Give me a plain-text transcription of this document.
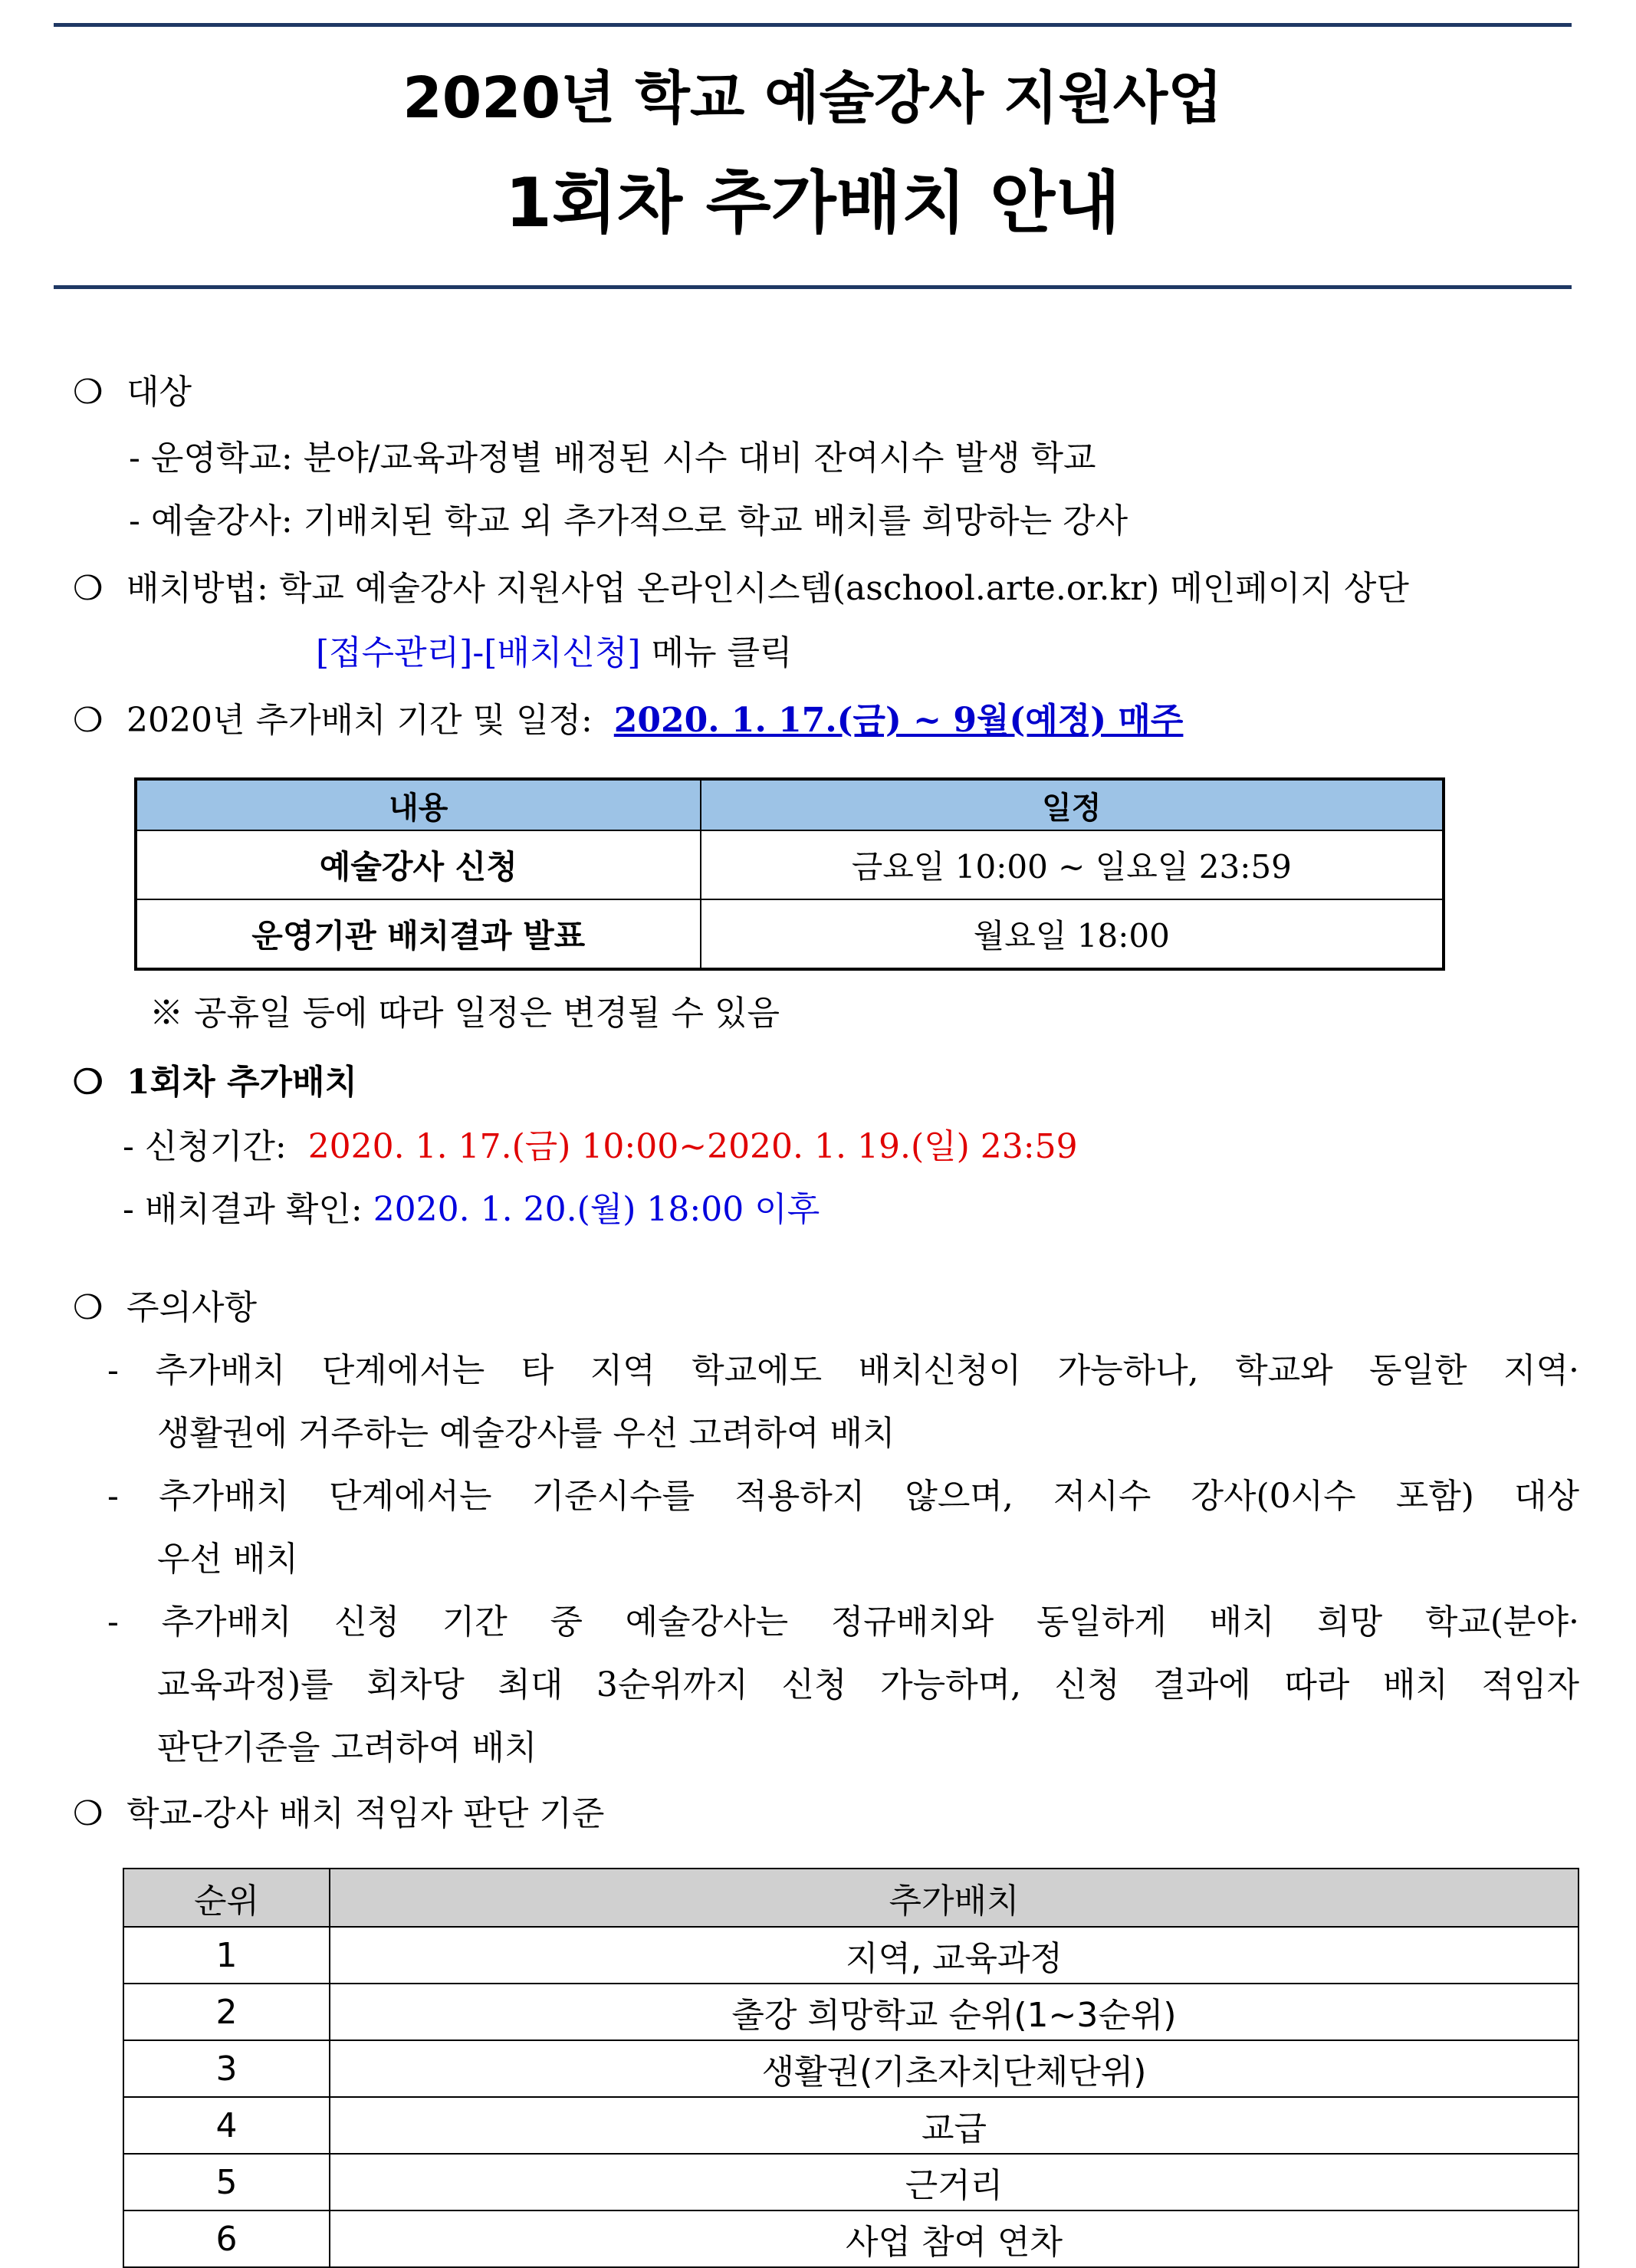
2020년 학교 예술강사 지원사업
1회차 추가배치 안내
❍ 대상
- 운영학교: 분야/교육과정별 배정된 시수 대비 잔여시수 발생 학교
- 예술강사: 기배치된 학교 외 추가적으로 학교 배치를 희망하는 강사
❍ 배치방법: 학교 예술강사 지원사업 온라인시스템(aschool.arte.or.kr) 메인페이지 상단
[접수관리]-[배치신청] 메뉴 클릭
❍ 2020년 추가배치 기간 및 일정: 2020. 1. 17.(금) ~ 9월(예정) 매주
내용	일정
예술강사 신청	금요일 10:00 ~ 일요일 23:59
운영기관 배치결과 발표	월요일 18:00
※ 공휴일 등에 따라 일정은 변경될 수 있음
❍ 1회차 추가배치
- 신청기간: 2020. 1. 17.(금) 10:00~2020. 1. 19.(일) 23:59
- 배치결과 확인: 2020. 1. 20.(월) 18:00 이후
❍ 주의사항
- 추가배치 단계에서는 타 지역 학교에도 배치신청이 가능하나, 학교와 동일한 지역·
생활권에 거주하는 예술강사를 우선 고려하여 배치
- 추가배치 단계에서는 기준시수를 적용하지 않으며, 저시수 강사(0시수 포함) 대상
우선 배치
- 추가배치 신청 기간 중 예술강사는 정규배치와 동일하게 배치 희망 학교(분야·
교육과정)를 회차당 최대 3순위까지 신청 가능하며, 신청 결과에 따라 배치 적임자
판단기준을 고려하여 배치
❍ 학교-강사 배치 적임자 판단 기준
순위	추가배치
1	지역, 교육과정
2	출강 희망학교 순위(1~3순위)
3	생활권(기초자치단체단위)
4	교급
5	근거리
6	사업 참여 연차
